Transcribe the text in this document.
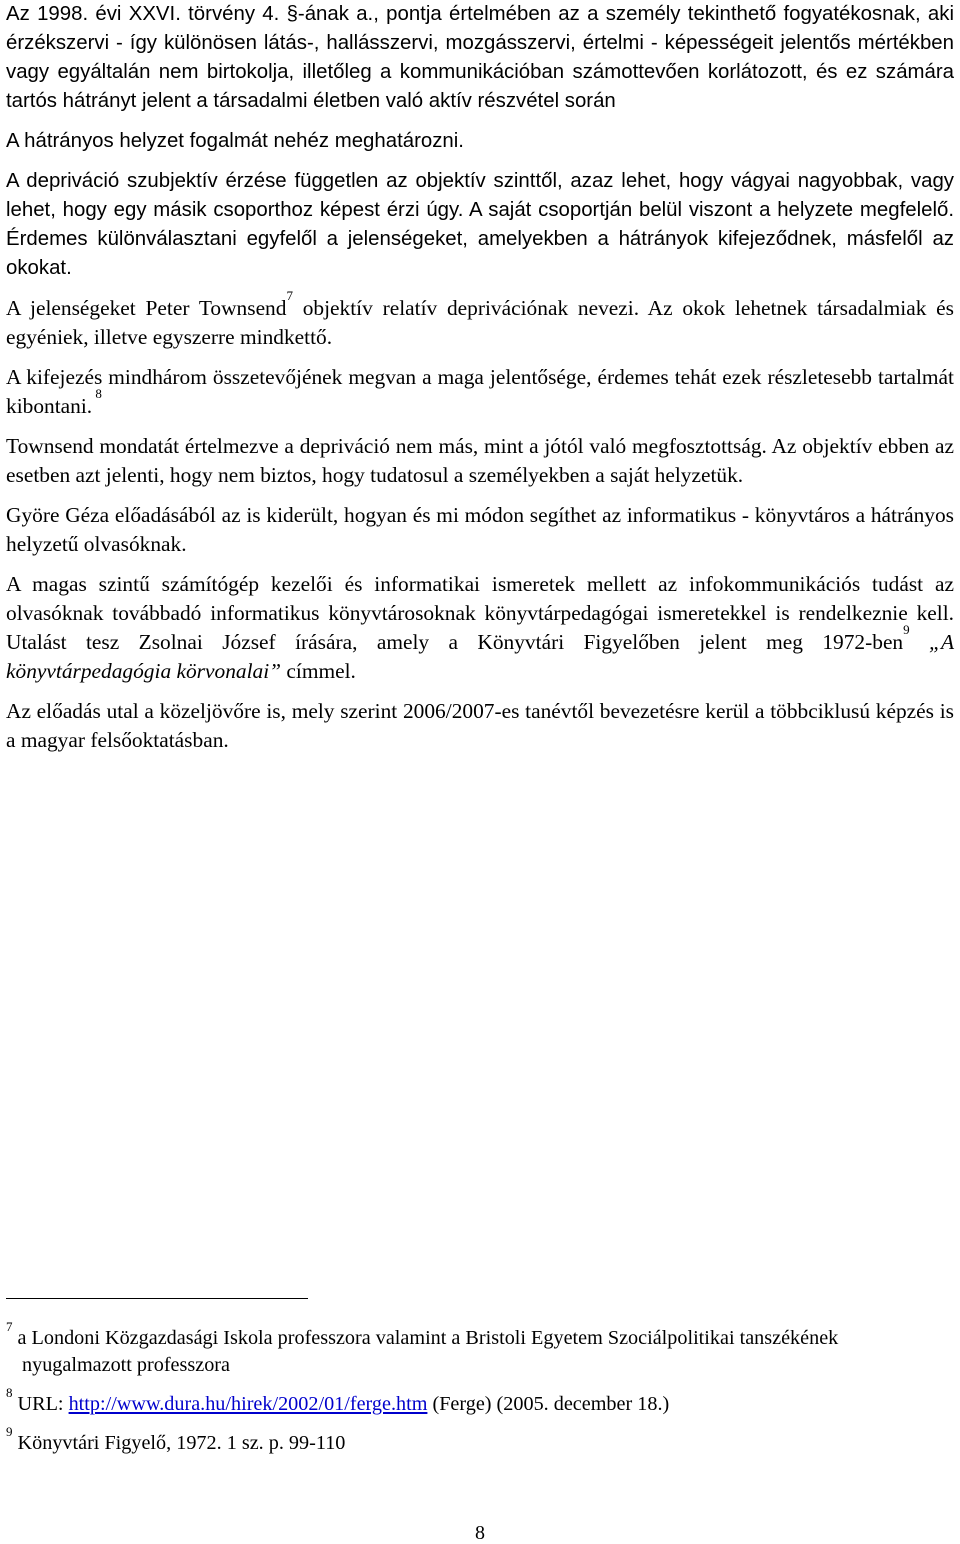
Az 1998. évi XXVI. törvény 4. §-ának a., pontja értelmében az a személy tekinthető fogyatékosnak, aki érzékszervi - így különösen látás-, hallásszervi, mozgásszervi, értelmi - képességeit jelentős mértékben vagy egyáltalán nem birtokolja, illetőleg a kommunikációban számottevően korlátozott, és ez számára tartós hátrányt jelent a társadalmi életben való aktív részvétel során

A hátrányos helyzet fogalmát nehéz meghatározni.

A depriváció szubjektív érzése független az objektív szinttől, azaz lehet, hogy vágyai nagyobbak, vagy lehet, hogy egy másik csoporthoz képest érzi úgy. A saját csoportján belül viszont a helyzete megfelelő. Érdemes különválasztani egyfelől a jelenségeket, amelyekben a hátrányok kifejeződnek, másfelől az okokat.

A jelenségeket Peter Townsend$^7$ objektív relatív deprivációnak nevezi. Az okok lehetnek társadalmiak és egyéniek, illetve egyszerre mindkettő.

A kifejezés mindhárom összetevőjének megvan a maga jelentősége, érdemes tehát ezek részletesebb tartalmát kibontani. $^8$

Townsend mondatát értelmezve a depriváció nem más, mint a jótól való megfosztottság. Az objektív ebben az esetben azt jelenti, hogy nem biztos, hogy tudatosul a személyekben a saját helyzetük.

Györe Géza előadásából az is kiderült, hogyan és mi módon segíthet az informatikus - könyvtáros a hátrányos helyzetű olvasóknak.

A magas szintű számítógép kezelői és informatikai ismeretek mellett az infokommunikációs tudást az olvasóknak továbbadó informatikus könyvtárosoknak könyvtárpedagógai ismeretekkel is rendelkeznie kell. Utalást tesz Zsolnai József írására, amely a Könyvtári Figyelőben jelent meg 1972-ben$^9$ „A könyvtárpedagógia körvonalai” címmel.

Az előadás utal a közeljövőre is, mely szerint 2006/2007-es tanévtől bevezetésre kerül a többciklusú képzés is a magyar felsőoktatásban.

$^7$ a Londoni Közgazdasági Iskola professzora valamint a Bristoli Egyetem Szociálpolitikai tanszékének
nyugalmazott professzora

$^8$ URL: http://www.dura.hu/hirek/2002/01/ferge.htm (Ferge) (2005. december 18.)

$^9$ Könyvtári Figyelő, 1972. 1 sz. p. 99-110

8
